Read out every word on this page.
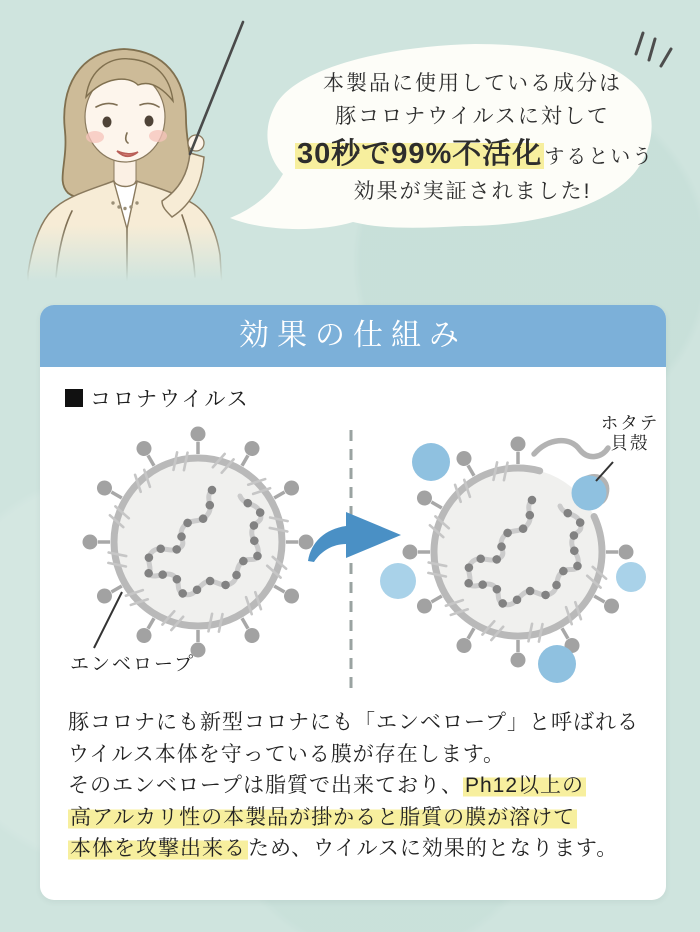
本製品に使用している成分は
豚コロナウイルスに対して
30秒で99%不活化 するという
効果が実証されました!
効果の仕組み
コロナウイルス
エンベロープ
ホタテ
貝殻
豚コロナにも新型コロナにも「エンベロープ」と呼ばれる
ウイルス本体を守っている膜が存在します。
そのエンベロープは脂質で出来ており、Ph12以上の
高アルカリ性の本製品が掛かると脂質の膜が溶けて
本体を攻撃出来るため、ウイルスに効果的となります。
